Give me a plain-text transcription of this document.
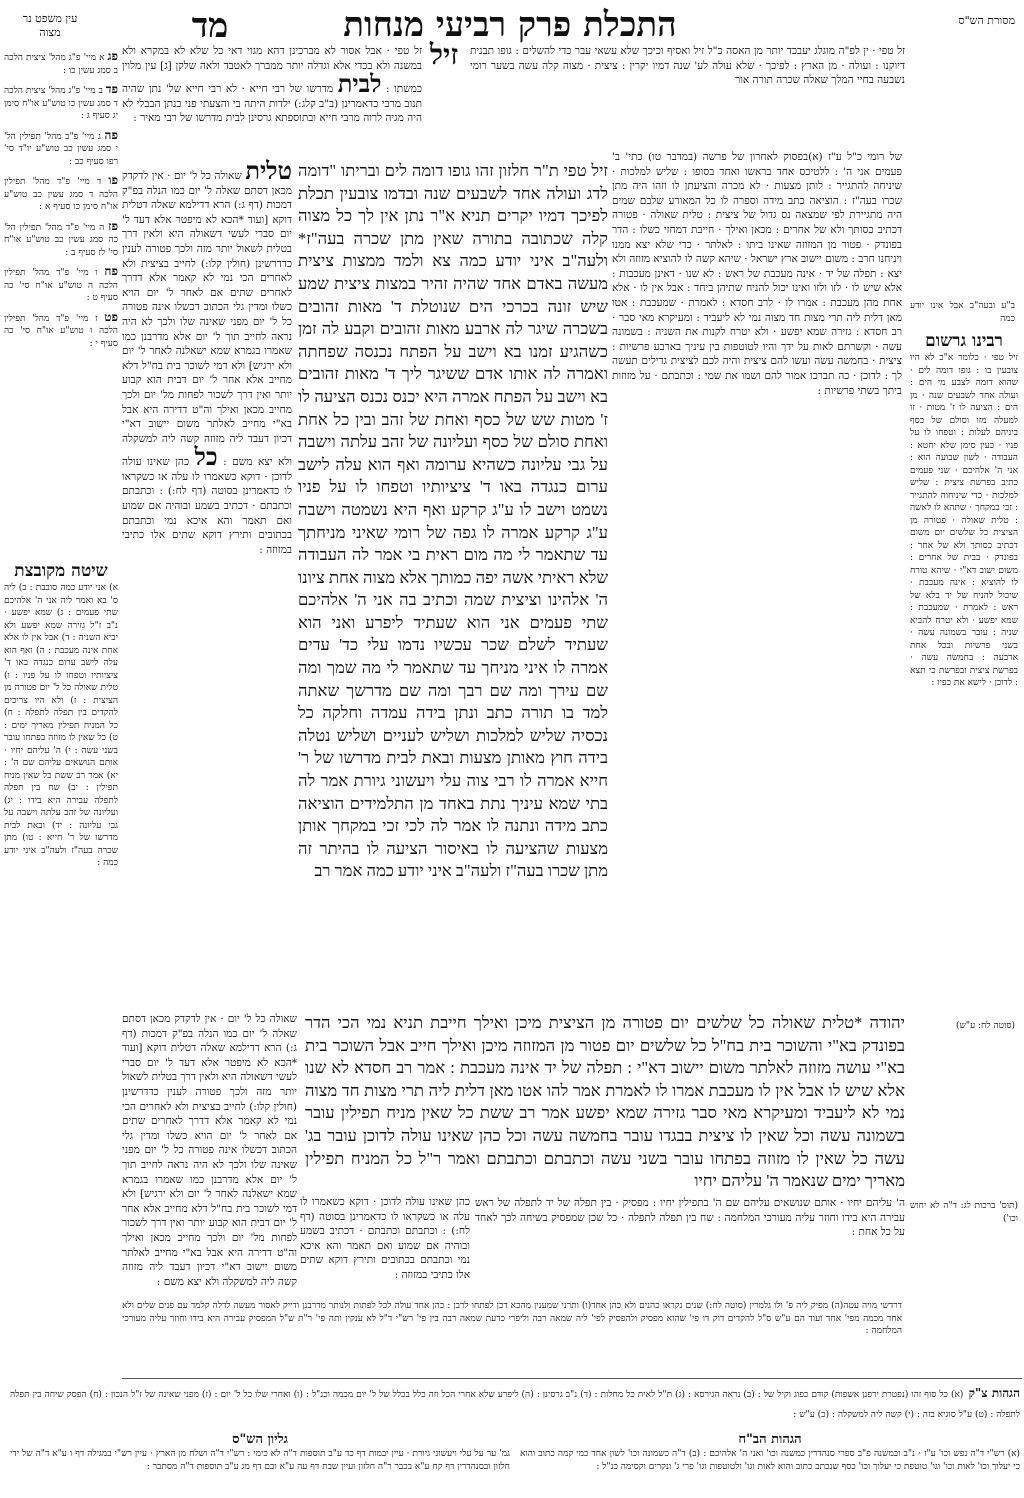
מסורת הש"ס
התכלת פרק רביעי מנחות
מד
עין משפט נר מצוה
זל טפי · אבל אסור לא מברכינן דהא מגוי דאי כל שלא לא במקרא ולא במשנה ולא בכדי אלא וגדלה יותר ממברך לאטבד ולאה שלקן [ג] עין מלוין כמשתו : לבית מדרשו של רבי חייא · לא רבי חייא של' נתן שהיה תנוב מרבי כדאמרינן (ב"ב קלג:) ילדות היתה בי והצעתי פני כנתן הבבלי לא היה מגיה לרוה מרבי חייא ובתוספתא גרסינן לבית מדרשו של רבי מאיר :
זיל
טלית שאולה כל ל' יום · אין לדקדק מכאן דסתם שאלה ל' יום כמו הנלה בפ"ק דמכות (דף ג:) הרא דדילמא שאלה דטלית דוקא [ועוד *הכא לא מיפטר אלא דעד ל' יום סברי לעשי דשאולה היא ולאין דרך בטלית לשאול יותר מזה ולכך פטורה לענין כדדרשינן (חולין קלו:) לחייב בציצית ולא לאחרים הכי נמי לא קאמר אלא דדרך לאחרים שתים אם לאחר ל' יום הויא כשלו ומדין גלי הכתוב דכשלו אינה פטורה כל ל' יום מפני שאינה שלו ולכך לא היה נראה לחייב תוך ל' יום אלא מדרבנן כמו שאמרו בגמרא שמא ישאלנה לאחר ל' יום ולא ירגיש] ולא דמי לשוכר בית בח"ל דלא מחייב אלא אחר ל' יום דבית הוא קבוע יותר ואין דרך לשכור לפחות מל' יום ולכך מחייב מכאן ואילך וה"ט דדירה היא אבל בא"י מחייב לאלתר משום יישוב דא"י דכיון דעבד ליה מזוזה קשה ליה למשקלה ולא יצא משם : כל כהן שאינו עולה לדוכן · דוקא כשאמרו לו עלה או כשקראו לו כדאמרינן בסוטה (דף לח:) : וכתבתם וכתבתם · דכתיב בשמע ובוהיה אם שמוע ואם תאמר והא איכא נמי וכתבתם בכתובים ותירץ דוקא שתים אלו כתיבי במזוזה :
שאולה כל ל' יום · אין לדקדק מכאן דסתם שאלה ל' יום כמו הנלה בפ"ק דמכות (דף ג:) הרא דדילמא שאלה דטלית דוקא [ועוד *הכא לא מיפטר אלא דעד ל' יום סברי לעשי דשאולה היא ולאין דרך בטלית לשאול יותר מזה ולכך פטורה לענין כדדרשינן (חולין קלו:) לחייב בציצית ולא לאחרים הכי נמי לא קאמר אלא דדרך לאחרים שתים אם לאחר ל' יום הויא כשלו ומדין גלי הכתוב דכשלו אינה פטורה כל ל' יום מפני שאינה שלו ולכך לא היה נראה לחייב תוך ל' יום אלא מדרבנן כמו שאמרו בגמרא שמא ישאלנה לאחר ל' יום ולא ירגיש] ולא דמי לשוכר בית בח"ל דלא מחייב אלא אחר ל' יום דבית הוא קבוע יותר ואין דרך לשכור לפחות מל' יום ולכך מחייב מכאן ואילך וה"ט דדירה היא אבל בא"י מחייב לאלתר משום יישוב דא"י דכיון דעבד ליה מזוזה קשה ליה למשקלה ולא יצא משם :
זיל טפי ת"ר חלזון זהו גופו דומה לים ובריתו "דומה לדג ועולה אחד לשבעים שנה ובדמו צובעין תכלת לפיכך דמיו יקרים תניא א"ר נתן אין לך כל מצוה קלה שכתובה בתורה שאין מתן שכרה בעה"ז* ולעה"ב איני יודע כמה צא ולמד ממצות ציצית מעשה באדם אחד שהיה זהיר במצות ציצית שמע שיש זונה בכרכי הים שנוטלת ד' מאות זהובים בשכרה שיגר לה ארבע מאות זהובים וקבע לה זמן כשהגיע זמנו בא וישב על הפתח נכנסה שפחתה ואמרה לה אותו אדם ששיגר ליך ד' מאות זהובים בא וישב על הפתח אמרה היא יכנס נכנס הציעה לו ז' מטות שש של כסף ואחת של זהב ובין כל אחת ואחת סולם של כסף ועליונה של זהב עלתה וישבה על גבי עליונה כשהיא ערומה ואף הוא עלה לישב ערום כנגדה באו ד' ציציותיו וטפחו לו על פניו נשמט וישב לו ע"ג קרקע ואף היא נשמטה וישבה ע"ג קרקע אמרה לו גפה של רומי שאיני מניחתך עד שתאמר לי מה מום ראית בי אמר לה העבודה שלא ראיתי אשה יפה כמותך אלא מצוה אחת ציונו ה' אלהינו וציצית שמה וכתיב בה אני ה' אלהיכם שתי פעמים אני הוא שעתיד ליפרע ואני הוא שעתיד לשלם שכר עכשיו נדמו עלי כד' עדים אמרה לו איני מניחך עד שתאמר לי מה שמך ומה שם עירך ומה שם רבך ומה שם מדרשך שאתה למד בו תורה כתב ונתן בידה עמדה וחלקה כל נכסיה שליש למלכות ושליש לעניים ושליש נטלה בידה חוץ מאותן מצעות ובאת לבית מדרשו של ר' חייא אמרה לו רבי צוה עלי ויעשוני גיורת אמר לה בתי שמא עיניך נתת באחד מן התלמידים הוציאה כתב מידה ונתנה לו אמר לה לכי זכי במקחך אותן מצעות שהציעה לו באיסור הציעה לו בהיתר זה מתן שכרו בעה"ז ולעה"ב איני יודע כמה אמר רב
יהודה *טלית שאולה כל שלשים יום פטורה מן הציצית מיכן ואילך חייבת תניא נמי הכי הדר בפונדק בא"י והשוכר בית בח"ל כל שלשים יום פטור מן המזוזה מיכן ואילך חייב אבל השוכר בית בא"י עושה מזוזה לאלתר משום יישוב דא"י : תפלה של יד אינה מעכבת : אמר רב חסדא לא שנו אלא שיש לו אבל אין לו מעכבת אמרו לו לאמרת אמר להו אטו מאן דלית ליה תרי מצות חד מצוה נמי לא ליעביד ומעיקרא מאי סבר גזירה שמא יפשע אמר רב ששת כל שאין מניח תפילין עובר בשמונה עשה וכל שאין לו ציצית בבגדו עובר בחמשה עשה וכל כהן שאינו עולה לדוכן עובר בג' עשה כל שאין לו מזוזה בפתחו עובר בשני עשה וכתבתם וכתבתם ואמר ר"ל כל המניח תפילין מאריך ימים שנאמר ה' עליהם יחיו
כהן שאינו עולה לדוכן · דוקא כשאמרו לו עלה או כשקראו לו כדאמרינן בסוטה (דף לח:) : וכתבתם וכתבתם · דכתיב בשמע ובוהיה אם שמוע ואם תאמר והא איכא נמי וכתבתם בכתובים ותירץ דוקא שתים אלו כתיבי במזוזה :
זל טפי · ין לפ"ה מוגלג יעבכד יותר מן האסה כ"ל זיל ואסיף וכיכך שלא עשאי עבר כדי להשלים : גופו תבנית דיוקנו : ועולה · מן הארץ : לפיכך · שלא עולה לע' שנה דמיו יקרין : ציצית · מצוה קלה עשה בשער רומי נשבעה בחיי המלך שאלה שכרה תורה אור
של רומי כ"ל ע"ז (א)בפסוק לאחרון של פרשה (במדבר טו) כתי' ב' פעמים אני ה' : ללטיכס אחד בראשו ואחד בסופו : שליש למלכות · שיניחה להתגייר : לותן מצעות · לא מכרה והציעתן לו וזהו היה מתן שכרו בעה"ז : הוציאה כתב מידה וספרה לו כל המאורע שלבם שמים היה מתגיירת לפי שמצאה נס גדול של ציצית : טלית שאולה · פטורה דכתיב כסותך ולא של אחרים : מכאן ואילך · חייבת דמחזי כשלו : הדר בפונדק · פטור מן המזוזה שאינו ביתו : לאלתר · כדי שלא יצא ממנו ויניחנו חרב : משום יישוב ארץ ישראל · שיהא קשה לו להוציא מזוזה ולא יצא : תפלה של יד · אינה מעכבת של ראש : לא שנו · דאינן מעכבות : אלא שיש לו · לזו ולזו ואינו יכול להניח שתיהן ביחד : אבל אין לו · אלא אחת מהן מעכבת : אמרו לו · לרב חסדא : לאמרת · שמעכבת : אטו מאן דלית ליה תרי מצות חד מצוה נמי לא ליעביד : ומעיקרא מאי סבר · רב חסדא : גזירה שמא יפשע · ולא יטרח לקנות את השניה : בשמונה עשה · וקשרתם לאות על ידך והיו לטוטפות בין עיניך בארבע פרשיות : ציצית · בחמשה עשה ועשו להם ציצית והיה לכם לציצית גדילים תעשה לך : לדוכן · כה תברכו אמור להם ושמו את שמי : וכתבתם · על מזוזות ביתך בשתי פרשיות :
ה' עליהם יחיו · אותם שנושאים עליהם שם ה' בתפילין יחיו : מפסיק · בין תפלה של יד לתפלה של ראש עבירה היא בידו וחוזר עליה מעורכי המלחמה : שח בין תפלה לתפלה · כל שכן שמפסיק בשיחה לכך לאחד על כל אחת :
ב"ע ובעה"ב אבל אינו יודע כמה
רבינו גרשום
זיל טפי · כלומר א"כ לא היו צובעין בו : גופו דומה לים · שהוא דומה לצבע מי הים : ועולה אחד לשבעים שנה · מן הים : הציעה לו ז' מטות · זו למעלה מזו וסולם של כסף ביניהם לעלות : וטפחו לו על פניו · כעין סימן שלא יחטא : העבודה · לשון שבועה הוא : אני ה' אלהיכם · שני פעמים כתיב בפרשת ציצית : שליש למלכות · כדי שיניחוה להתגייר : זכי במקחך · שתהא לו לאשה : טלית שאולה · פטורה מן הציצית כל שלשים יום משום דכתיב כסותך ולא של אחר : בפונדק · בבית של אחרים : משום ישוב דא"י · שיהא טורח לו להוציא : אינה מעכבת · שיכול להניח של יד בלא של ראש : לאמרת · שמעכבת : שמא יפשע · ולא יטרח להביא שניה : עובר בשמונה עשה · בשני פרשיות ובכל אחת ארבעה : בחמשה עשה · בפרשת ציצית ובפרשת כי תצא : לדוכן · לישא את כפיו :
(סוטה לח: ע"ש)
(תוס' ברכות לג: ד"ה לא יחוש וכו')
פג א מיי' פ"ג מהל' ציצית הלכה ב סמג עשין כו :
פד ב מיי' פ"ג מהל' ציצית הלכה ד סמג עשין כו טוש"ע או"ח סימן יג סעיף ג :
פה ג מיי' פ"ב מהל' תפילין הל' י סמג עשין כב טוש"ע יו"ד סי' רפו סעיף כב :
פו ד מיי' פ"ד מהל' תפילין הלכה ד סמג עשין כב טוש"ע או"ח סימן כו סעיף א :
פז ה מיי' פ"ד מהל' תפילין הל' כה סמג עשין כב טוש"ע או"ח סי' לז סעיף ב :
פח ו מיי' פ"ד מהל' תפילין הלכה ה טוש"ע או"ח סי' כה סעיף ט :
פט ז מיי' פ"ד מהל' תפילין הלכה ו טוש"ע או"ח סי' כה סעיף י :
שיטה מקובצת
א) אני יודע כמה סובבת : ב) ליה ס' בא ואמר ליה אני ה' אלהיכם שתי פעמים : ג) שמא יפשע · נ"ב ז"ל גזירה שמא יפשע ולא יביא השניה : ד) אבל אין לו אלא אחת אינה מעכבת : ה) ואף הוא עלה לישב ערום כנגדה באו ד' ציציותיו וטפחו לו על פניו : ו) טלית שאולה כל ל' יום פטורה מן הציצית : ז) ולא היו צריכים להקדים בין תפלה לתפלה : ח) כל המניח תפילין מאריך ימים : ט) כל שאין לו מזוזה בפתחו עובר בשני עשה : י) ה' עליהם יחיו · אותם הנושאים עליהם שם ה' : יא) אמר רב ששת כל שאין מניח תפילין : יב) שח בין תפלה לתפלה עבירה היא בידו : יג) ועליונה של זהב עלתה וישבה על גבי עליונה : יד) ובאת לבית מדרשו של ר' חייא : טו) מתן שכרה בעה"ז ולעה"ב איני יודע כמה :
דרדשי מויה עטה(ה) מפיק ליה פ' ולו גלמרין (סוטה לח:) שנים נקראו כהנים ולא כהן אחד(ו) ותרני שמענין מהכא דכן לפתחו לרבן : כהן אחד עולה לכל לפתות ולנותר מדרבנן ודייק לאסור מעשה לדלה קלמד עם פנים שלים ולא אחד מכמה מפי' אחד ועוד הם ע"ש ס"ל להקדים דוק דו פי' שהוא מפסיק ולהפסיק לפי' ליה שמאה רבה וליפרי כדעת שמאה רבה בין פי' רש"י ד"ל לא ענקין ותה פי' ר"ת ש"ל המפסיק עבירה היא בידו וחוזר עליה מעורכי המלחמה :
הגהות צ"ק (א) כל סוף זהו (נפטרת ירפנן אשפות) קודם כפוג וקיל של : (ב) נראה הגירסא : (ג) ת"ל לאית כל מחלות : (ד) נ"ב גרסינן : (ה) ליפרע שלא אחרי הכל וזה כלל בכלל של ל' יום מכמה וכנ"ל : (ו) ואחרי שלו כל ל' יום : (ז) מפני שאינה של ז"ל הנכון : (ח) הפסק שיחה בין תפלה לתפלה : (ט) ע"ל סוגיא בזה : (י) קשה ליה למשקלה : (כ) ע"ש :
הגהות הב"ח
(א) רש"י ד"ה נפש וכו' ע"ז · נ"ב ובמשנה פ"ב ספרי סנהדרין כמשנה וכו' ואני ה' אלהיכם : (ב) ד"ה כשמונה וכו' לשון אחד כמי קמה כתוב והוא כי יעלוך וכו' לאות וכו' וגו' טוטפת כי יעלוך וכו' כסף שנכתב כתוב והוא לאות וגו' ולטוטפות וגו' פרי ג' ונקרים וקסימה כנ"ל :
גליון הש"ס
גמ' ער על עלי ויעשוני גיורת · עיין יבמות דף כד ע"ב תוספות ד"ה לא כימי : רש"י ד"ה ושלח מן הארץ · עיין רש"י במגילה דף ו ע"א ד"ה של ידי חלזון ובסנהדרין דף קח ע"א בכבר ר"ה חלזון ועיין שבת דף עה ע"א וכם דף מג ע"ב תוספות ד"ה מסתבר :
